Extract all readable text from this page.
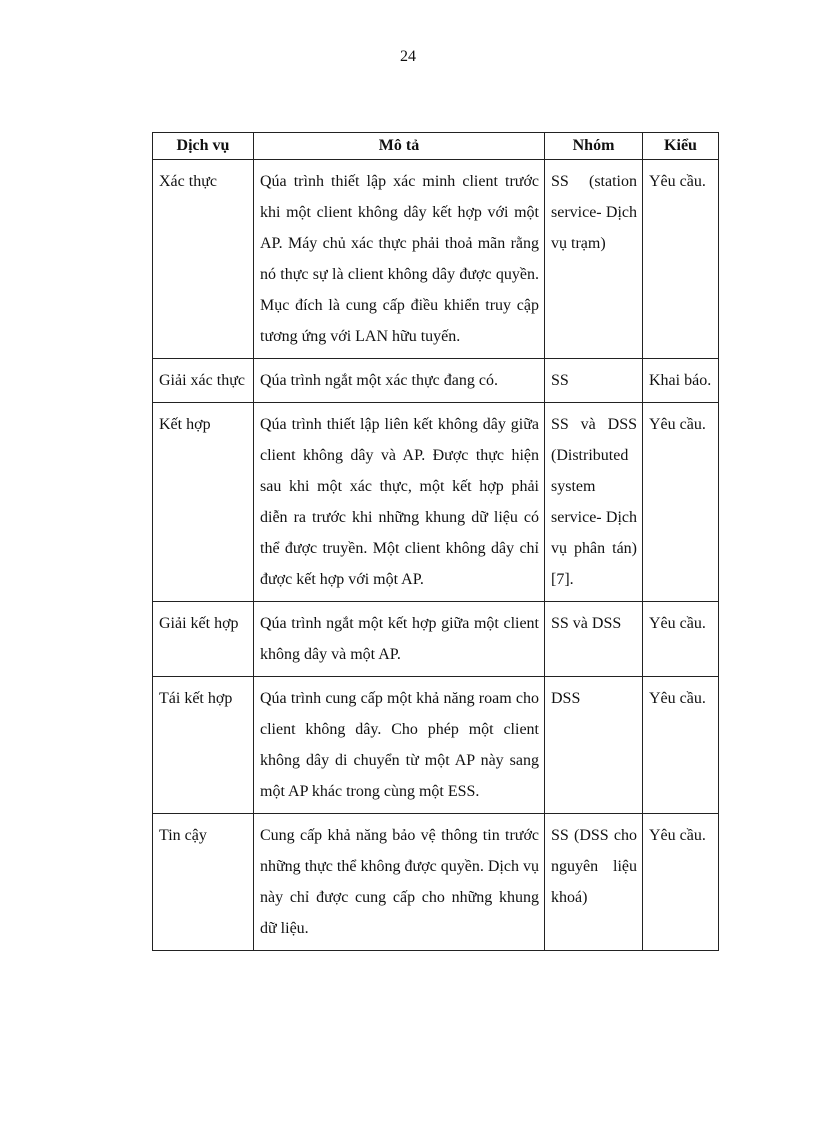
24
Dịch vụ	Mô tả	Nhóm	Kiểu
Xác thực	Qúa trình thiết lập xác minh client trước khi một client không dây kết hợp với một AP. Máy chủ xác thực phải thoả mãn rằng nó thực sự là client không dây được quyền. Mục đích là cung cấp điều khiển truy cập tương ứng với LAN hữu tuyến.	SS (station service- Dịch vụ trạm)	Yêu cầu.
Giải xác thực	Qúa trình ngắt một xác thực đang có.	SS	Khai báo.
Kết hợp	Qúa trình thiết lập liên kết không dây giữa client không dây và AP. Được thực hiện sau khi một xác thực, một kết hợp phải diễn ra trước khi những khung dữ liệu có thể được truyền. Một client không dây chỉ được kết hợp với một AP.	SS và DSS (Distributed system service- Dịch vụ phân tán) [7].	Yêu cầu.
Giải kết hợp	Qúa trình ngắt một kết hợp giữa một client không dây và một AP.	SS và DSS	Yêu cầu.
Tái kết hợp	Qúa trình cung cấp một khả năng roam cho client không dây. Cho phép một client không dây di chuyển từ một AP này sang một AP khác trong cùng một ESS.	DSS	Yêu cầu.
Tin cậy	Cung cấp khả năng bảo vệ thông tin trước những thực thể không được quyền. Dịch vụ này chỉ được cung cấp cho những khung dữ liệu.	SS (DSS cho nguyên liệu khoá)	Yêu cầu.
